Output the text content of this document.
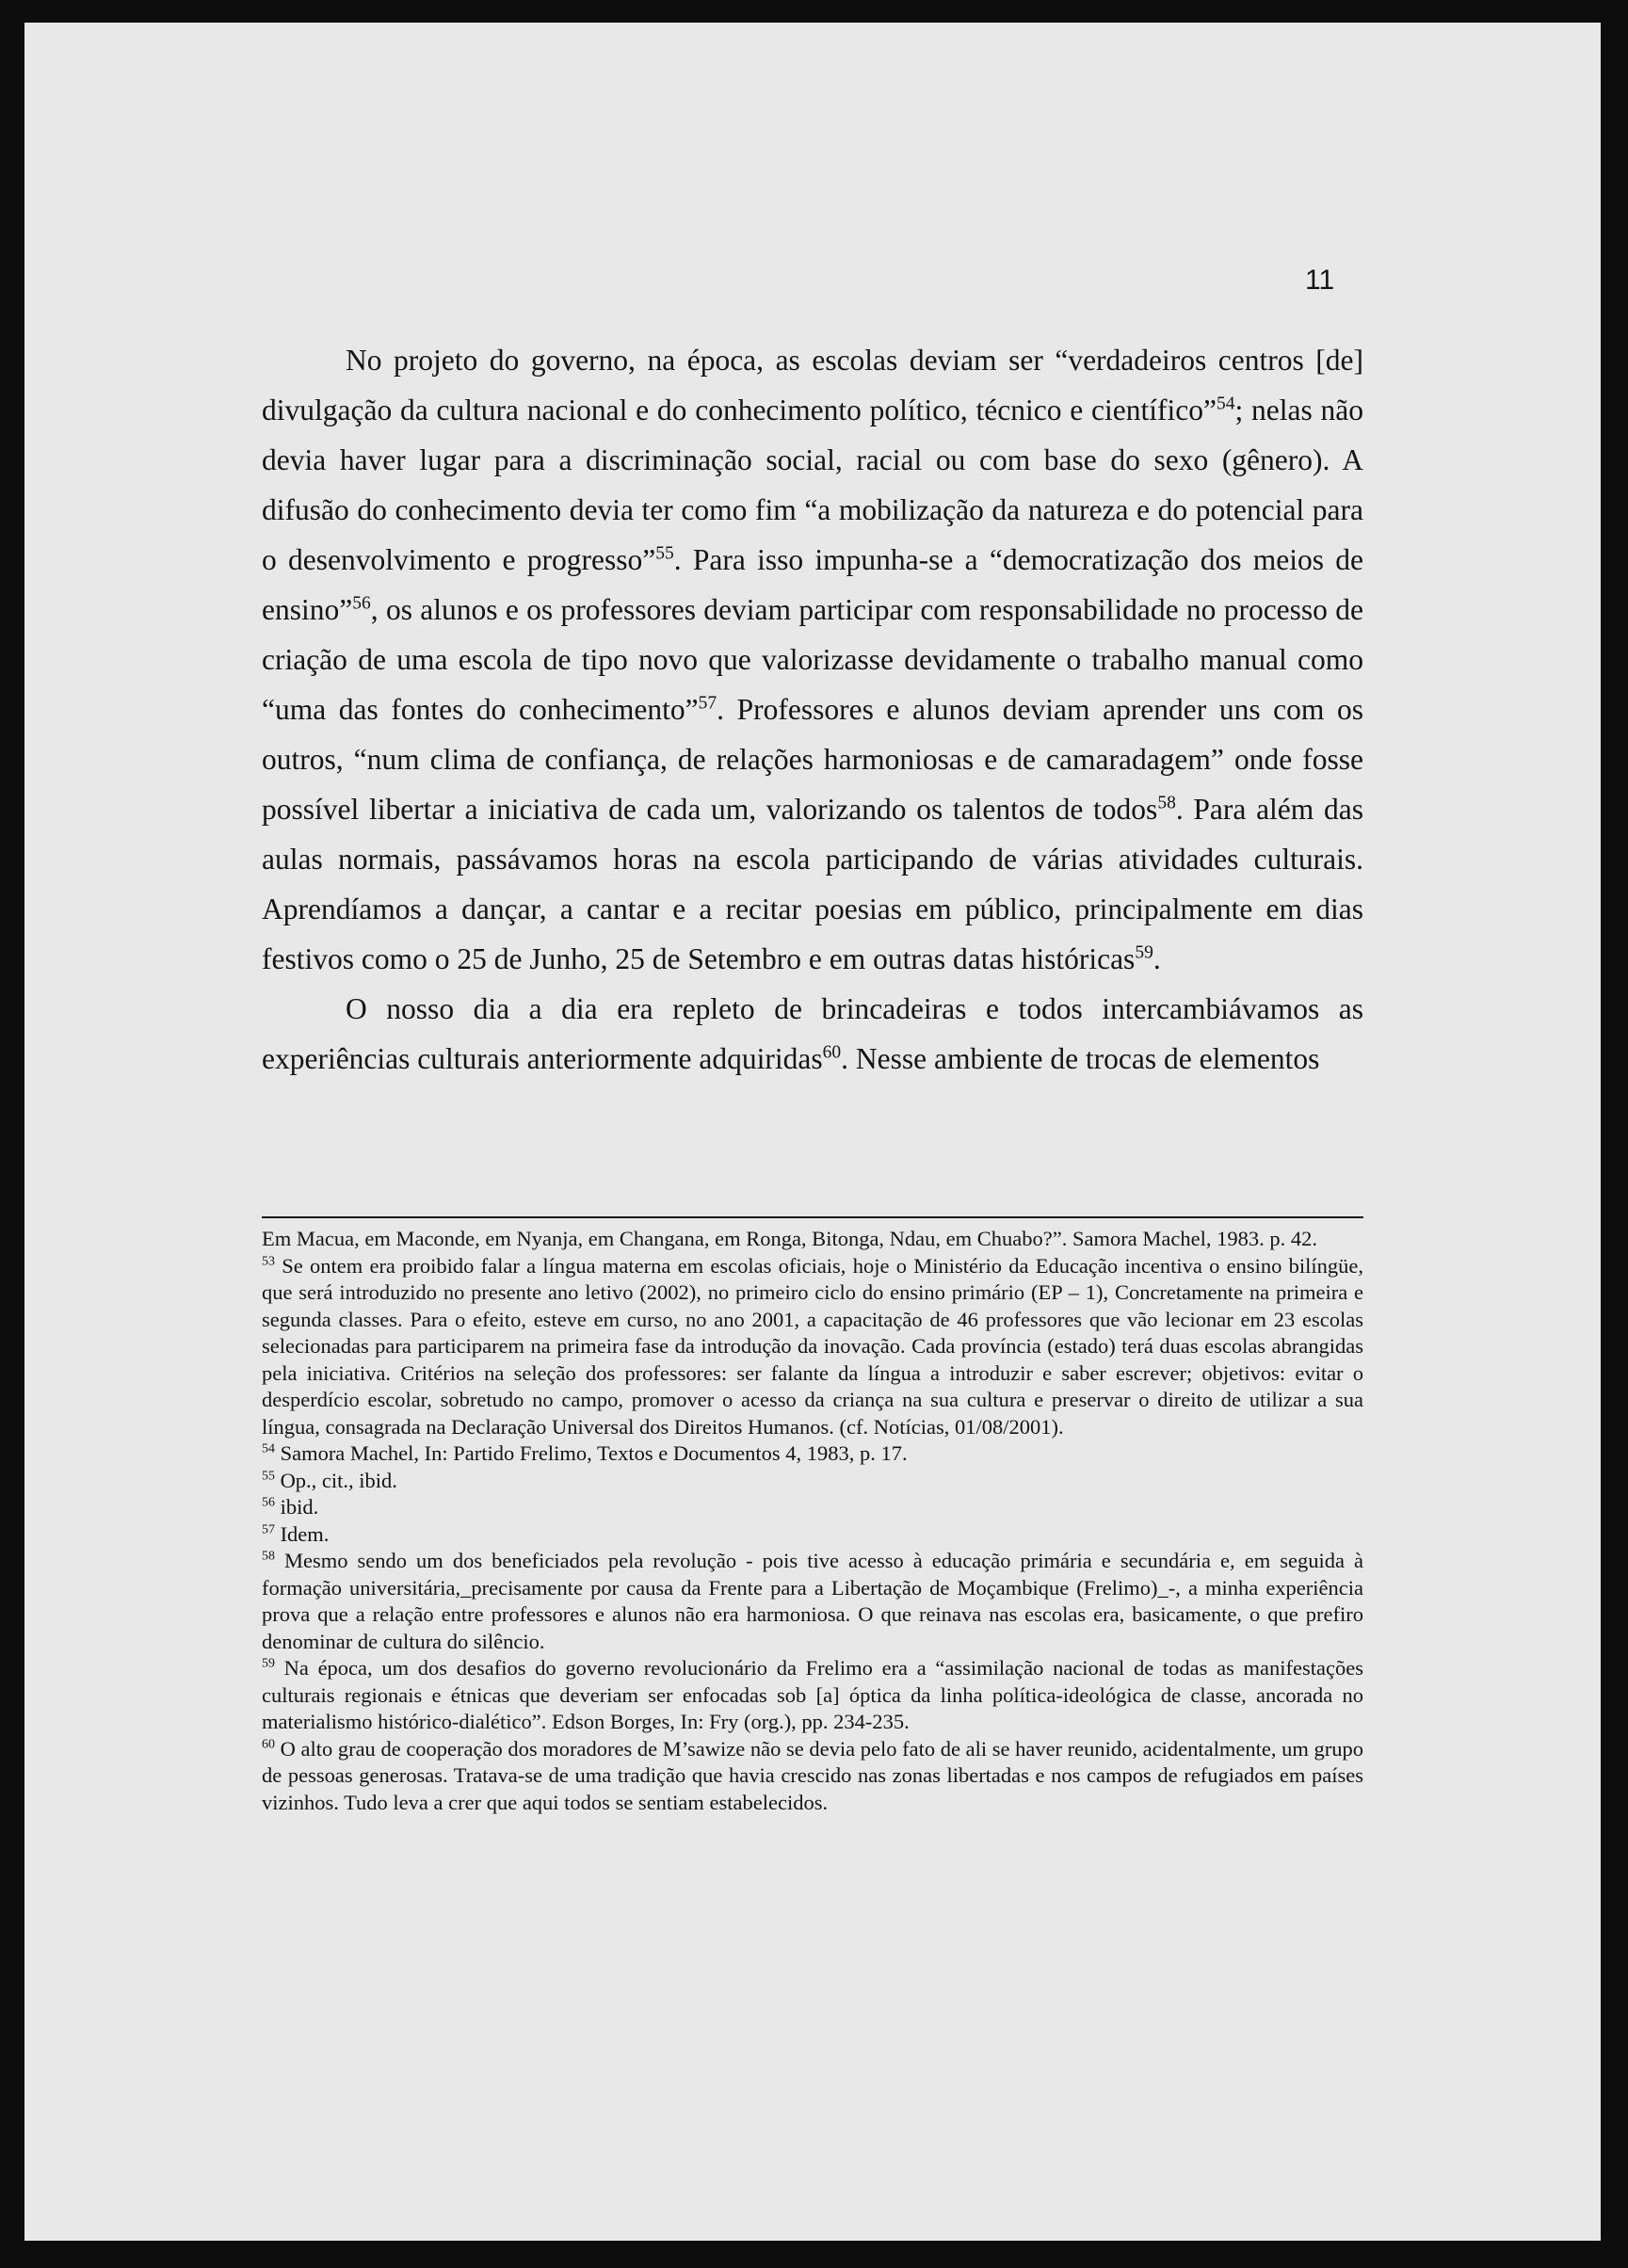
11

No projeto do governo, na época, as escolas deviam ser “verdadeiros centros [de] divulgação da cultura nacional e do conhecimento político, técnico e científico”$^{54}$; nelas não devia haver lugar para a discriminação social, racial ou com base do sexo (gênero). A difusão do conhecimento devia ter como fim “a mobilização da natureza e do potencial para o desenvolvimento e progresso”$^{55}$. Para isso impunha-se a “democratização dos meios de ensino”$^{56}$, os alunos e os professores deviam participar com responsabilidade no processo de criação de uma escola de tipo novo que valorizasse devidamente o trabalho manual como “uma das fontes do conhecimento”$^{57}$. Professores e alunos deviam aprender uns com os outros, “num clima de confiança, de relações harmoniosas e de camaradagem” onde fosse possível libertar a iniciativa de cada um, valorizando os talentos de todos$^{58}$. Para além das aulas normais, passávamos horas na escola participando de várias atividades culturais. Aprendíamos a dançar, a cantar e a recitar poesias em público, principalmente em dias festivos como o 25 de Junho, 25 de Setembro e em outras datas históricas$^{59}$.

O nosso dia a dia era repleto de brincadeiras e todos intercambiávamos as experiências culturais anteriormente adquiridas$^{60}$. Nesse ambiente de trocas de elementos

Em Macua, em Maconde, em Nyanja, em Changana, em Ronga, Bitonga, Ndau, em Chuabo?”. Samora Machel, 1983. p. 42.

$^{53}$ Se ontem era proibido falar a língua materna em escolas oficiais, hoje o Ministério da Educação incentiva o ensino bilíngüe, que será introduzido no presente ano letivo (2002), no primeiro ciclo do ensino primário (EP – 1), Concretamente na primeira e segunda classes. Para o efeito, esteve em curso, no ano 2001, a capacitação de 46 professores que vão lecionar em 23 escolas selecionadas para participarem na primeira fase da introdução da inovação. Cada província (estado) terá duas escolas abrangidas pela iniciativa. Critérios na seleção dos professores: ser falante da língua a introduzir e saber escrever; objetivos: evitar o desperdício escolar, sobretudo no campo, promover o acesso da criança na sua cultura e preservar o direito de utilizar a sua língua, consagrada na Declaração Universal dos Direitos Humanos. (cf. Notícias, 01/08/2001).

$^{54}$ Samora Machel, In: Partido Frelimo, Textos e Documentos 4, 1983, p. 17.

$^{55}$ Op., cit., ibid.

$^{56}$ ibid.

$^{57}$ Idem.

$^{58}$ Mesmo sendo um dos beneficiados pela revolução - pois tive acesso à educação primária e secundária e, em seguida à formação universitária,_precisamente por causa da Frente para a Libertação de Moçambique (Frelimo)_-, a minha experiência prova que a relação entre professores e alunos não era harmoniosa. O que reinava nas escolas era, basicamente, o que prefiro denominar de cultura do silêncio.

$^{59}$ Na época, um dos desafios do governo revolucionário da Frelimo era a “assimilação nacional de todas as manifestações culturais regionais e étnicas que deveriam ser enfocadas sob [a] óptica da linha política-ideológica de classe, ancorada no materialismo histórico-dialético”. Edson Borges, In: Fry (org.), pp. 234-235.

$^{60}$ O alto grau de cooperação dos moradores de M’sawize não se devia pelo fato de ali se haver reunido, acidentalmente, um grupo de pessoas generosas. Tratava-se de uma tradição que havia crescido nas zonas libertadas e nos campos de refugiados em países vizinhos. Tudo leva a crer que aqui todos se sentiam estabelecidos.
